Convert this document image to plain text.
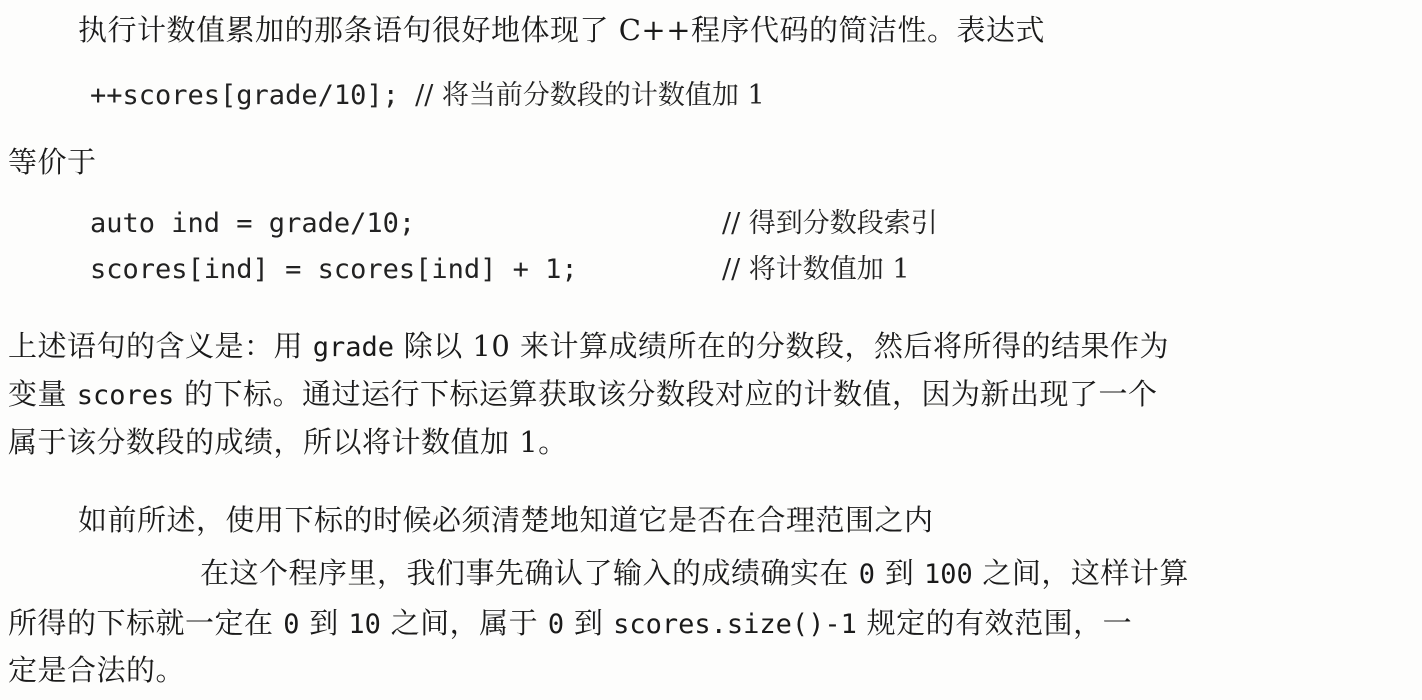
执行计数值累加的那条语句很好地体现了 C++程序代码的简洁性。表达式
++scores[grade/10]; // 将当前分数段的计数值加 1
等价于
auto ind = grade/10;	// 得到分数段索引
scores[ind] = scores[ind] + 1;	// 将计数值加 1
上述语句的含义是：用 grade 除以 10 来计算成绩所在的分数段，然后将所得的结果作为
变量 scores 的下标。通过运行下标运算获取该分数段对应的计数值，因为新出现了一个
属于该分数段的成绩，所以将计数值加 1。
如前所述，使用下标的时候必须清楚地知道它是否在合理范围之内
在这个程序里，我们事先确认了输入的成绩确实在 0 到 100 之间，这样计算
所得的下标就一定在 0 到 10 之间，属于 0 到 scores.size()-1 规定的有效范围，一
定是合法的。
